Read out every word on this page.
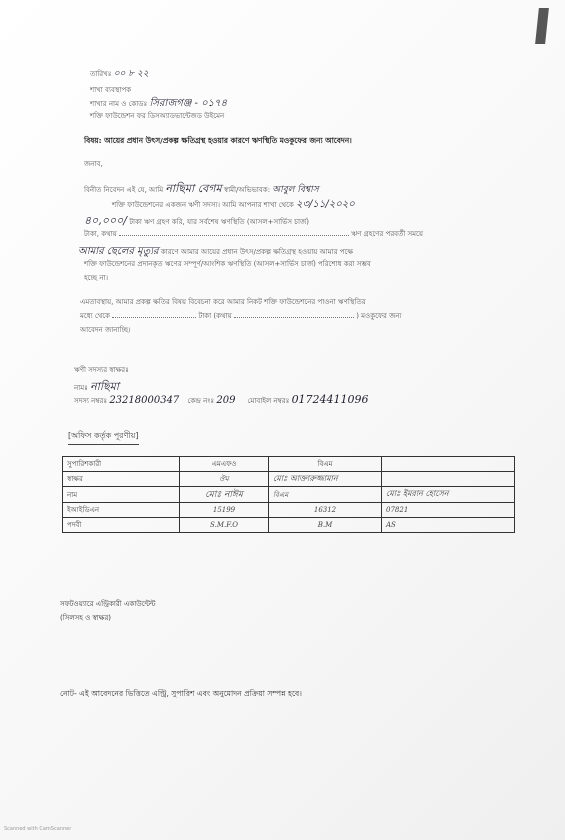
তারিখঃ ০০ ৮ ২২
শাখা ব্যবস্থাপক
শাখার নাম ও কোডঃ সিরাজগঞ্জ - ০১৭৪
শক্তি ফাউন্ডেশন ফর ডিসঅ্যাডভান্টেজড উইমেন
বিষয়: আয়ের প্রধান উৎস/প্রকল্প ক্ষতিগ্রস্থ হওয়ার কারণে ঋণস্থিতি মওকুফের জন্য আবেদন।
জনাব,
বিনীত নিবেদন এই যে, আমি নাছিমা বেগম স্বামী/অভিভাবক: আবুল বিশ্বাস
শক্তি ফাউন্ডেশনের একজন ঋণী সদস্য। আমি আপনার শাখা থেকে ২৩/১১/২০২০
৪০,০০০/ টাকা ঋণ গ্রহণ করি, যার সর্বশেষ ঋণস্থিতি (আসল+সার্ভিস চার্জ)
টাকা, কথায়	ঋণ গ্রহণের পরবর্তী সময়ে
আমার ছেলের মৃত্যুর কারণে আমার আয়ের প্রধান উৎস/প্রকল্প ক্ষতিগ্রস্থ হওয়ায় আমার পক্ষে
শক্তি ফাউন্ডেশনের প্রদানকৃত ঋণের সম্পূর্ণ/আংশিক ঋণস্থিতি (আসল+সার্ভিস চার্জ) পরিশোধ করা সম্ভব
হচ্ছে না।
এমতাবস্থায়, আমার প্রকল্প ক্ষতির বিষয় বিবেচনা করে আমার নিকট শক্তি ফাউন্ডেশনের পাওনা ঋণস্থিতির
মধ্যে থেকে	টাকা (কথায়	) মওকুফের জন্য
আবেদন জানাচ্ছি।
ঋণী সদস্যর স্বাক্ষরঃ
নামঃ নাছিমা
সদস্য নম্বরঃ 23218000347 কেন্দ্র নংঃ 209 মোবাইল নম্বরঃ 01724411096
[অফিস কর্তৃক পূরণীয়]
সুপারিশকারী	এমএফও	বিএম	
স্বাক্ষর	ঔম	মোঃ আক্তারুজ্জামান	
নাম	মোঃ নাঈম	বিএম	মোঃ ইমরান হোসেন
ইআইডিএন	15199	16312	07821
পদবী	S.M.F.O	B.M	AS
সফটওয়্যারে এন্ট্রিকারী একাউন্টেন্ট
(সিলসহ ও স্বাক্ষর)
নোট- এই আবেদনের ভিত্তিতে এন্ট্রি, সুপারিশ এবং অনুমোদন প্রক্রিয়া সম্পন্ন হবে।
Scanned with CamScanner
